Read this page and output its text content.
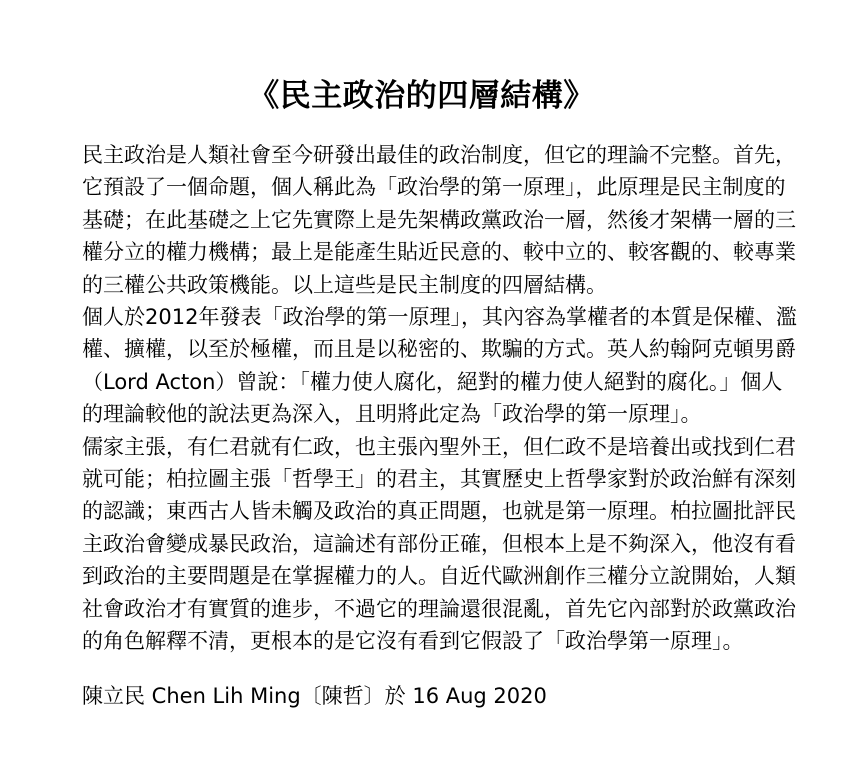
《民主政治的四層結構》
民主政治是人類社會至今研發出最佳的政治制度，但它的理論不完整。首先，
它預設了一個命題，個人稱此為「政治學的第一原理」，此原理是民主制度的
基礎；在此基礎之上它先實際上是先架構政黨政治一層，然後才架構一層的三
權分立的權力機構；最上是能產生貼近民意的、較中立的、較客觀的、較專業
的三權公共政策機能。以上這些是民主制度的四層結構。
個人於2012年發表「政治學的第一原理」，其內容為掌權者的本質是保權、濫
權、擴權，以至於極權，而且是以秘密的、欺騙的方式。英人約翰阿克頓男爵
（Lord Acton）曾說：「權力使人腐化，絕對的權力使人絕對的腐化。」個人
的理論較他的說法更為深入，且明將此定為「政治學的第一原理」。
儒家主張，有仁君就有仁政，也主張內聖外王，但仁政不是培養出或找到仁君
就可能；柏拉圖主張「哲學王」的君主，其實歷史上哲學家對於政治鮮有深刻
的認識；東西古人皆未觸及政治的真正問題，也就是第一原理。柏拉圖批評民
主政治會變成暴民政治，這論述有部份正確，但根本上是不夠深入，他沒有看
到政治的主要問題是在掌握權力的人。自近代歐洲創作三權分立說開始，人類
社會政治才有實質的進步，不過它的理論還很混亂，首先它內部對於政黨政治
的角色解釋不清，更根本的是它沒有看到它假設了「政治學第一原理」。
陳立民 Chen Lih Ming〔陳哲〕於 16 Aug 2020
